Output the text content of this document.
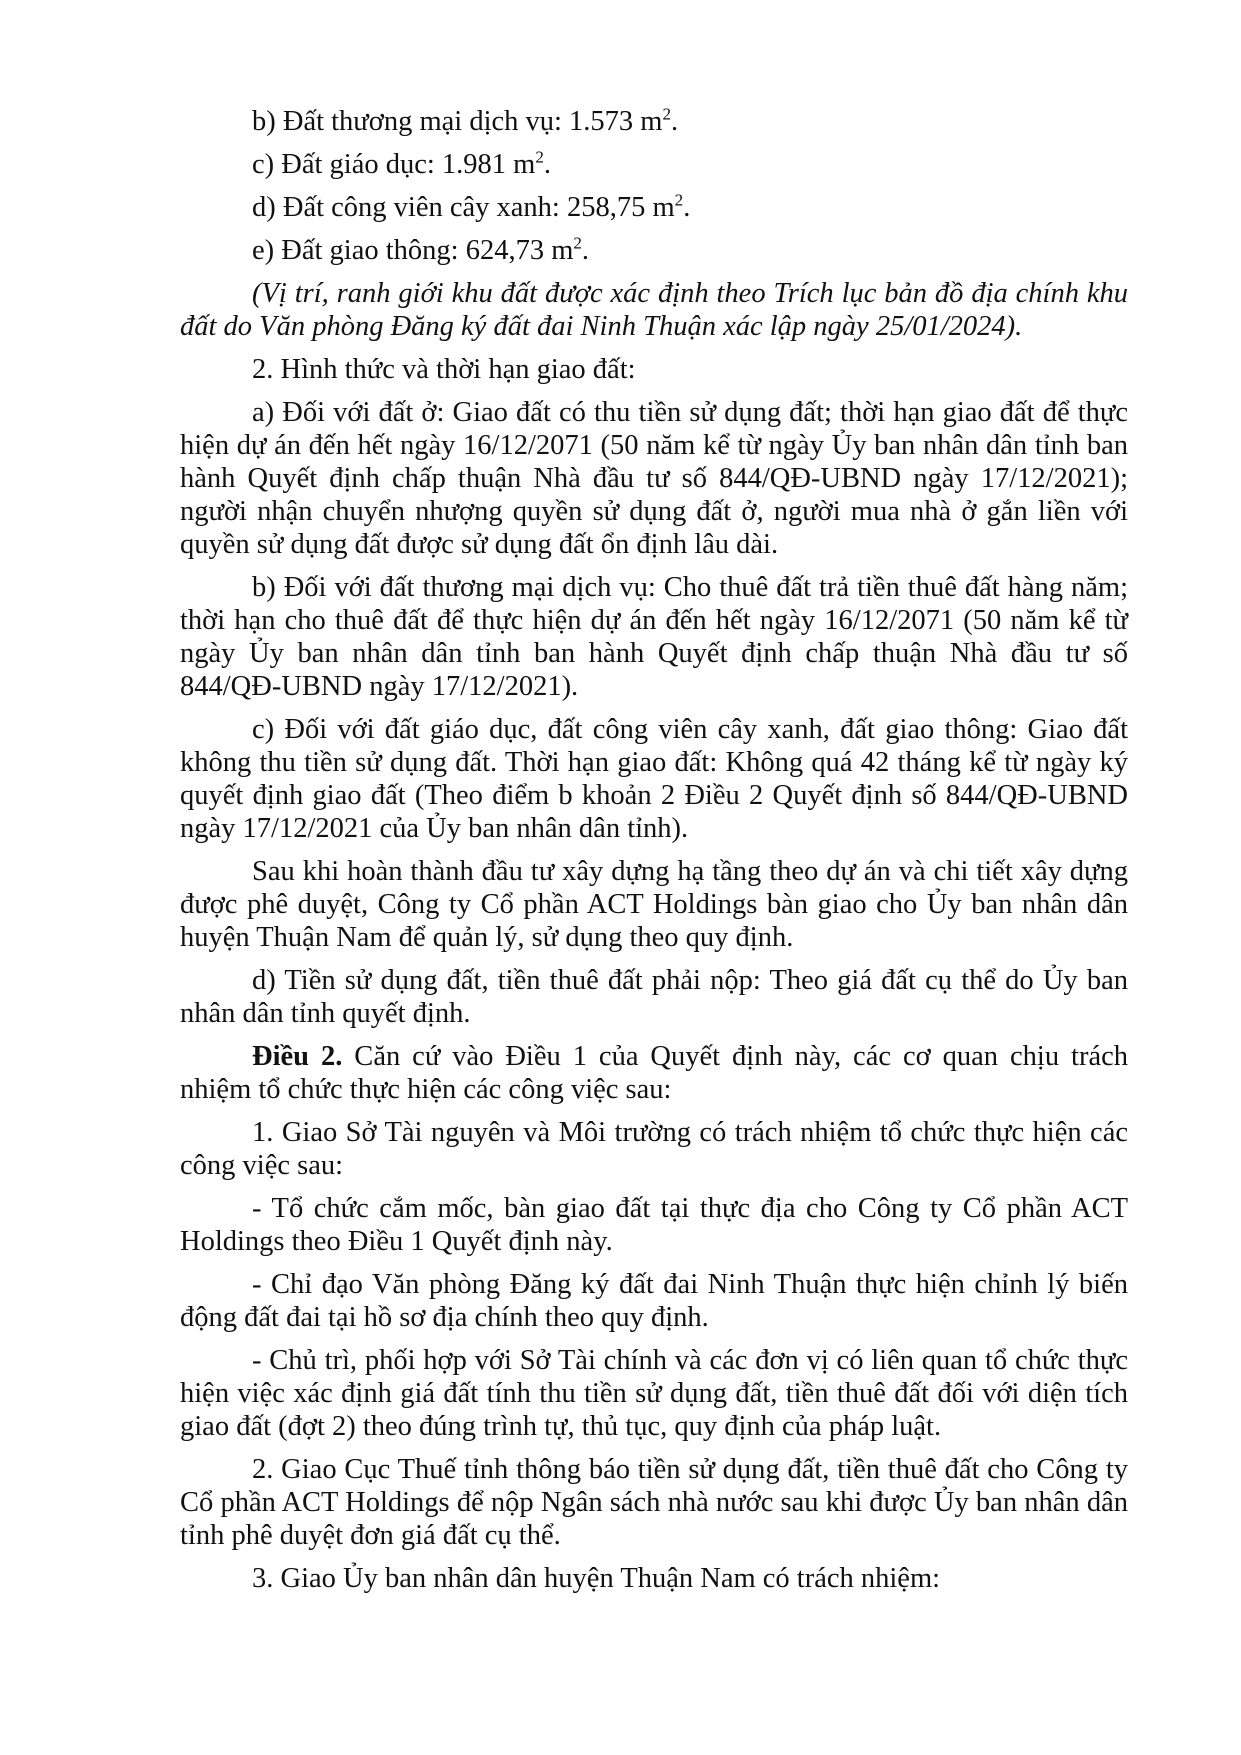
b) Đất thương mại dịch vụ: 1.573 $m^2$.

c) Đất giáo dục: 1.981 $m^2$.

d) Đất công viên cây xanh: 258,75 $m^2$.

e) Đất giao thông: 624,73 $m^2$.

(Vị trí, ranh giới khu đất được xác định theo Trích lục bản đồ địa chính khu đất do Văn phòng Đăng ký đất đai Ninh Thuận xác lập ngày 25/01/2024).

2. Hình thức và thời hạn giao đất:

a) Đối với đất ở: Giao đất có thu tiền sử dụng đất; thời hạn giao đất để thực hiện dự án đến hết ngày 16/12/2071 (50 năm kể từ ngày Ủy ban nhân dân tỉnh ban hành Quyết định chấp thuận Nhà đầu tư số 844/QĐ-UBND ngày 17/12/2021); người nhận chuyển nhượng quyền sử dụng đất ở, người mua nhà ở gắn liền với quyền sử dụng đất được sử dụng đất ổn định lâu dài.

b) Đối với đất thương mại dịch vụ: Cho thuê đất trả tiền thuê đất hàng năm; thời hạn cho thuê đất để thực hiện dự án đến hết ngày 16/12/2071 (50 năm kể từ ngày Ủy ban nhân dân tỉnh ban hành Quyết định chấp thuận Nhà đầu tư số 844/QĐ-UBND ngày 17/12/2021).

c) Đối với đất giáo dục, đất công viên cây xanh, đất giao thông: Giao đất không thu tiền sử dụng đất. Thời hạn giao đất: Không quá 42 tháng kể từ ngày ký quyết định giao đất (Theo điểm b khoản 2 Điều 2 Quyết định số 844/QĐ-UBND ngày 17/12/2021 của Ủy ban nhân dân tỉnh).

Sau khi hoàn thành đầu tư xây dựng hạ tầng theo dự án và chi tiết xây dựng được phê duyệt, Công ty Cổ phần ACT Holdings bàn giao cho Ủy ban nhân dân huyện Thuận Nam để quản lý, sử dụng theo quy định.

d) Tiền sử dụng đất, tiền thuê đất phải nộp: Theo giá đất cụ thể do Ủy ban nhân dân tỉnh quyết định.

Điều 2. Căn cứ vào Điều 1 của Quyết định này, các cơ quan chịu trách nhiệm tổ chức thực hiện các công việc sau:

1. Giao Sở Tài nguyên và Môi trường có trách nhiệm tổ chức thực hiện các công việc sau:

- Tổ chức cắm mốc, bàn giao đất tại thực địa cho Công ty Cổ phần ACT Holdings theo Điều 1 Quyết định này.

- Chỉ đạo Văn phòng Đăng ký đất đai Ninh Thuận thực hiện chỉnh lý biến động đất đai tại hồ sơ địa chính theo quy định.

- Chủ trì, phối hợp với Sở Tài chính và các đơn vị có liên quan tổ chức thực hiện việc xác định giá đất tính thu tiền sử dụng đất, tiền thuê đất đối với diện tích giao đất (đợt 2) theo đúng trình tự, thủ tục, quy định của pháp luật.

2. Giao Cục Thuế tỉnh thông báo tiền sử dụng đất, tiền thuê đất cho Công ty Cổ phần ACT Holdings để nộp Ngân sách nhà nước sau khi được Ủy ban nhân dân tỉnh phê duyệt đơn giá đất cụ thể.

3. Giao Ủy ban nhân dân huyện Thuận Nam có trách nhiệm:
